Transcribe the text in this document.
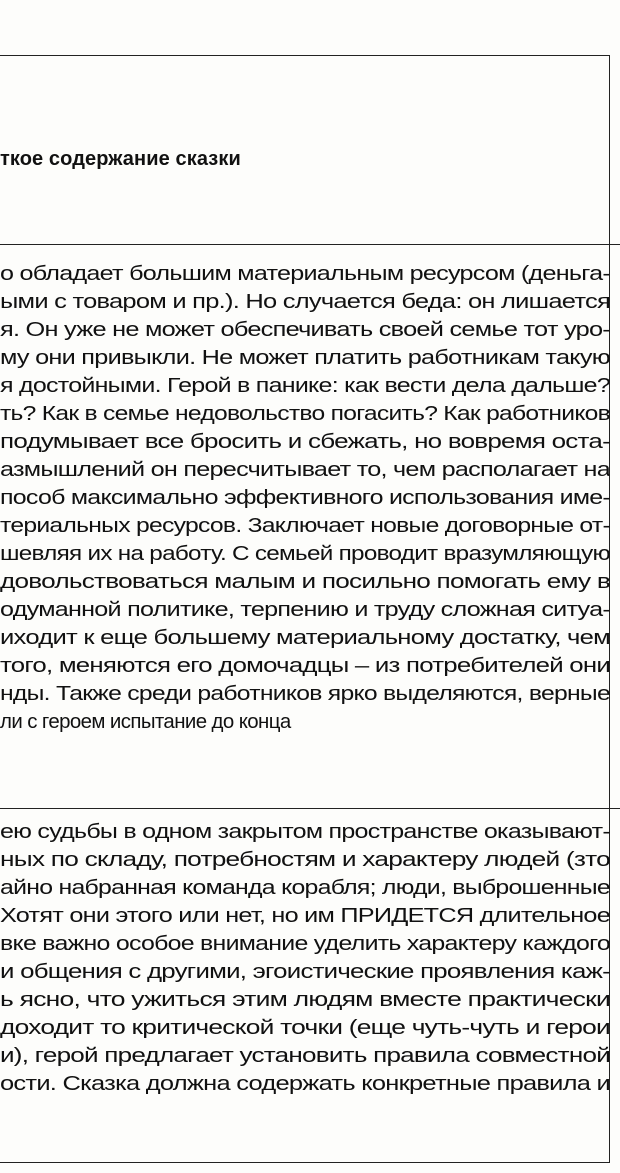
ткое содержание сказки
о обладает большим материальным ресурсом (деньга-
ыми с товаром и пр.). Но случается беда: он лишается
я. Он уже не может обеспечивать своей семье тот уро-
му они привыкли. Не может платить работникам такую
я достойными. Герой в панике: как вести дела дальше?
ть? Как в семье недовольство погасить? Как работников
подумывает все бросить и сбежать, но вовремя оста-
азмышлений он пересчитывает то, чем располагает на
пособ максимально эффективного использования име-
териальных ресурсов. Заключает новые договорные от-
шевляя их на работу. С семьей проводит вразумляющую
довольствоваться малым и посильно помогать ему в
одуманной политике, терпению и труду сложная ситуа-
иходит к еще большему материальному достатку, чем
того, меняются его домочадцы – из потребителей они
нды. Также среди работников ярко выделяются, верные
ли с героем испытание до конца
ею судьбы в одном закрытом пространстве оказывают-
ных по складу, потребностям и характеру людей (зто
айно набранная команда корабля; люди, выброшенные
Хотят они этого или нет, но им ПРИДЕТСЯ длительное
вке важно особое внимание уделить характеру каждого
и общения с другими, эгоистические проявления каж-
ь ясно, что ужиться этим людям вместе практически
доходит то критической точки (еще чуть-чуть и герои
и), герой предлагает установить правила совместной
ости. Сказка должна содержать конкретные правила и
